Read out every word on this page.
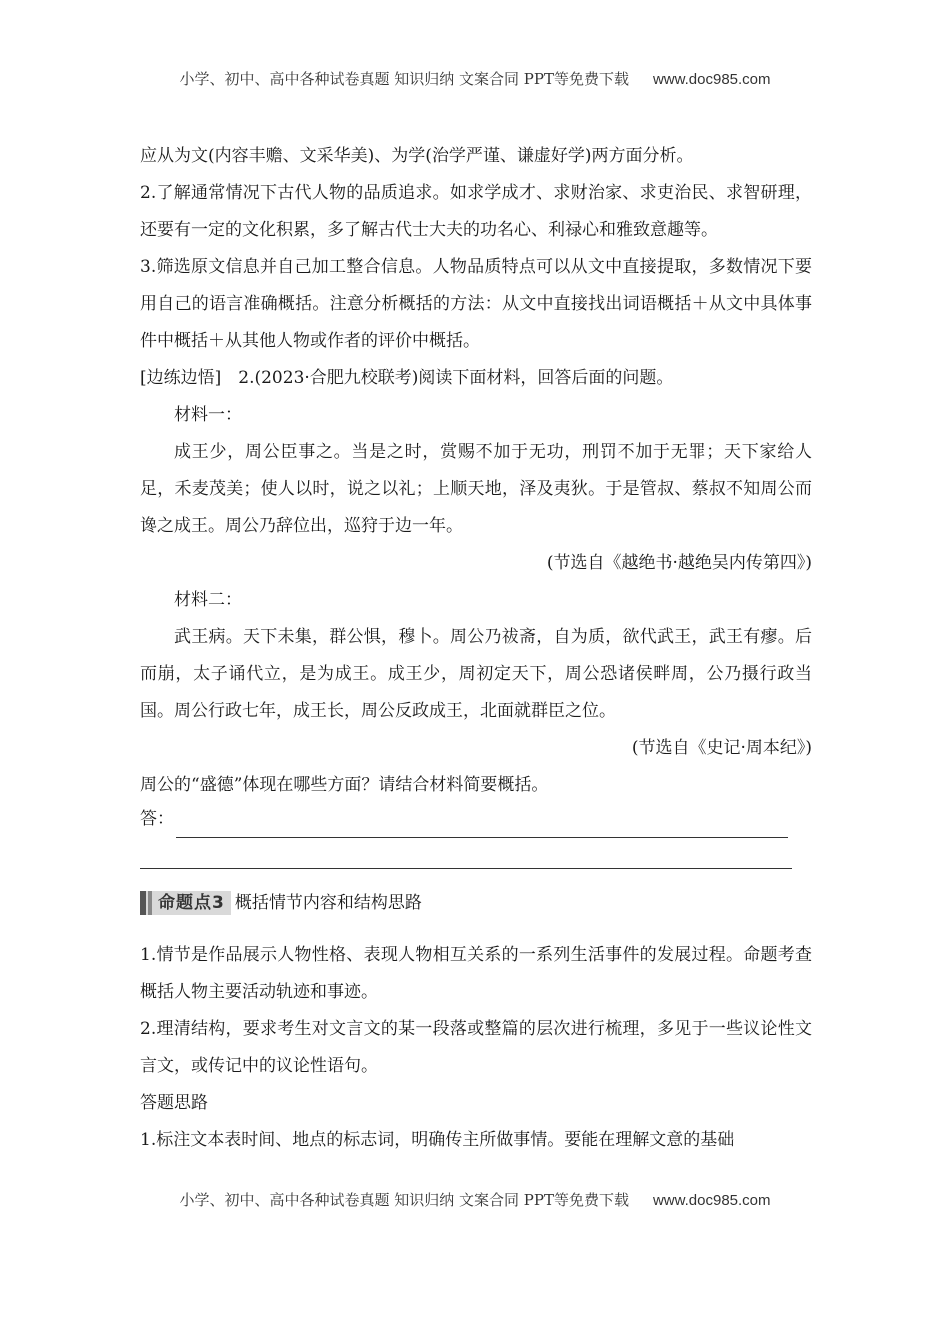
小学、初中、高中各种试卷真题 知识归纳 文案合同 PPT等免费下载 www.doc985.com

应从为文(内容丰赡、文采华美)、为学(治学严谨、谦虚好学)两方面分析。

2.了解通常情况下古代人物的品质追求。如求学成才、求财治家、求吏治民、求智研理，还要有一定的文化积累，多了解古代士大夫的功名心、利禄心和雅致意趣等。

3.筛选原文信息并自己加工整合信息。人物品质特点可以从文中直接提取，多数情况下要用自己的语言准确概括。注意分析概括的方法：从文中直接找出词语概括＋从文中具体事件中概括＋从其他人物或作者的评价中概括。

[边练边悟]　2.(2023·合肥九校联考)阅读下面材料，回答后面的问题。

材料一：

成王少，周公臣事之。当是之时，赏赐不加于无功，刑罚不加于无罪；天下家给人足，禾麦茂美；使人以时，说之以礼；上顺天地，泽及夷狄。于是管叔、蔡叔不知周公而谗之成王。周公乃辞位出，巡狩于边一年。

(节选自《越绝书·越绝吴内传第四》)

材料二：

武王病。天下未集，群公惧，穆卜。周公乃祓斋，自为质，欲代武王，武王有瘳。后而崩，太子诵代立，是为成王。成王少，周初定天下，周公恐诸侯畔周，公乃摄行政当国。周公行政七年，成王长，周公反政成王，北面就群臣之位。

(节选自《史记·周本纪》)

周公的“盛德”体现在哪些方面？请结合材料简要概括。

答：
命题点3 概括情节内容和结构思路

1.情节是作品展示人物性格、表现人物相互关系的一系列生活事件的发展过程。命题考查概括人物主要活动轨迹和事迹。

2.理清结构，要求考生对文言文的某一段落或整篇的层次进行梳理，多见于一些议论性文言文，或传记中的议论性语句。

答题思路

1.标注文本表时间、地点的标志词，明确传主所做事情。要能在理解文意的基础

小学、初中、高中各种试卷真题 知识归纳 文案合同 PPT等免费下载 www.doc985.com
